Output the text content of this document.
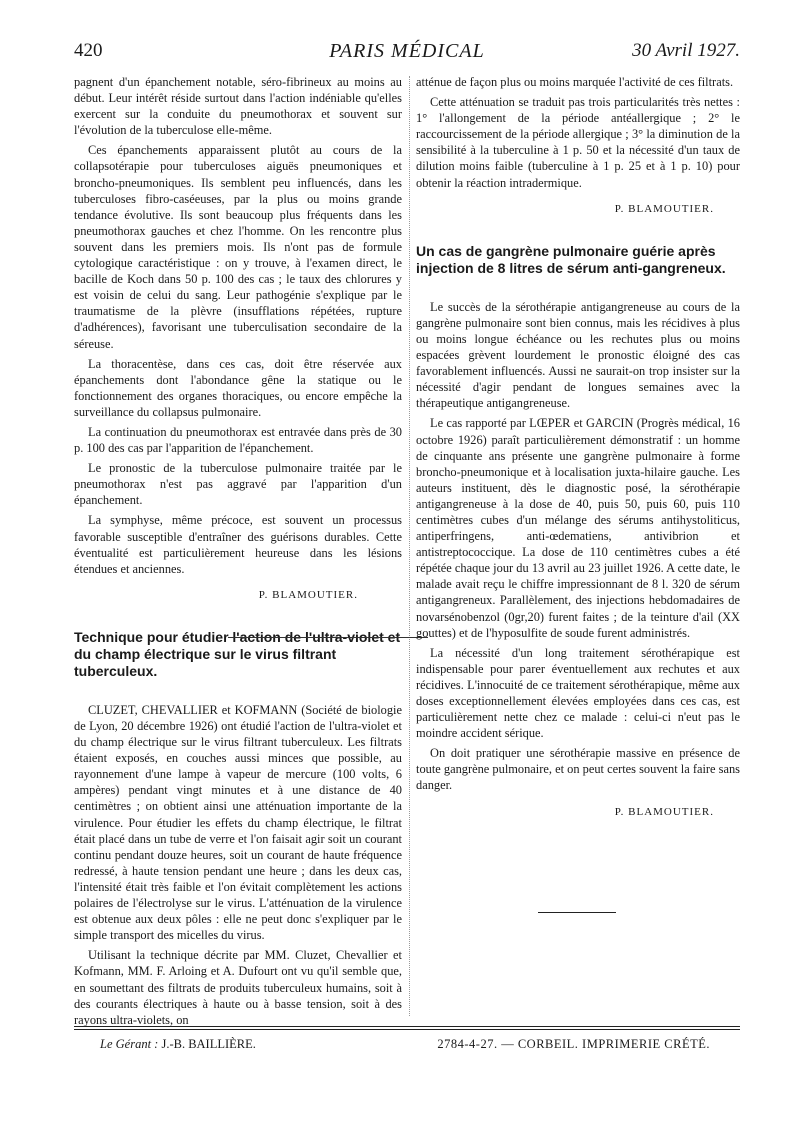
420	PARIS MÉDICAL	30 Avril 1927.

pagnent d'un épanchement notable, séro-fibrineux au moins au début. Leur intérêt réside surtout dans l'action indéniable qu'elles exercent sur la conduite du pneumothorax et souvent sur l'évolution de la tuberculose elle-même.

Ces épanchements apparaissent plutôt au cours de la collapsotérapie pour tuberculoses aiguës pneumoniques et broncho-pneumoniques. Ils semblent peu influencés, dans les tuberculoses fibro-caséeuses, par la plus ou moins grande tendance évolutive. Ils sont beaucoup plus fréquents dans les pneumothorax gauches et chez l'homme. On les rencontre plus souvent dans les premiers mois. Ils n'ont pas de formule cytologique caractéristique : on y trouve, à l'examen direct, le bacille de Koch dans 50 p. 100 des cas ; le taux des chlorures y est voisin de celui du sang. Leur pathogénie s'explique par le traumatisme de la plèvre (insufflations répétées, rupture d'adhérences), favorisant une tuberculisation secondaire de la séreuse.

La thoracentèse, dans ces cas, doit être réservée aux épanchements dont l'abondance gêne la statique ou le fonctionnement des organes thoraciques, ou encore empêche la surveillance du collapsus pulmonaire.

La continuation du pneumothorax est entravée dans près de 30 p. 100 des cas par l'apparition de l'épanchement.

Le pronostic de la tuberculose pulmonaire traitée par le pneumothorax n'est pas aggravé par l'apparition d'un épanchement.

La symphyse, même précoce, est souvent un processus favorable susceptible d'entraîner des guérisons durables. Cette éventualité est particulièrement heureuse dans les lésions étendues et anciennes.

P. BLAMOUTIER.
Technique pour étudier l'action de l'ultra-violet et du champ électrique sur le virus filtrant tuberculeux.

CLUZET, CHEVALLIER et KOFMANN (Société de biologie de Lyon, 20 décembre 1926) ont étudié l'action de l'ultra-violet et du champ électrique sur le virus filtrant tuberculeux. Les filtrats étaient exposés, en couches aussi minces que possible, au rayonnement d'une lampe à vapeur de mercure (100 volts, 6 ampères) pendant vingt minutes et à une distance de 40 centimètres ; on obtient ainsi une atténuation importante de la virulence. Pour étudier les effets du champ électrique, le filtrat était placé dans un tube de verre et l'on faisait agir soit un courant continu pendant douze heures, soit un courant de haute fréquence redressé, à haute tension pendant une heure ; dans les deux cas, l'intensité était très faible et l'on évitait complètement les actions polaires de l'électrolyse sur le virus. L'atténuation de la virulence est obtenue aux deux pôles : elle ne peut donc s'expliquer par le simple transport des micelles du virus.

Utilisant la technique décrite par MM. Cluzet, Chevallier et Kofmann, MM. F. Arloing et A. Dufourt ont vu qu'il semble que, en soumettant des filtrats de produits tuberculeux humains, soit à des courants électriques à haute ou à basse tension, soit à des rayons ultra-violets, on

atténue de façon plus ou moins marquée l'activité de ces filtrats.

Cette atténuation se traduit pas trois particularités très nettes : 1° l'allongement de la période antéallergique ; 2° le raccourcissement de la période allergique ; 3° la diminution de la sensibilité à la tuberculine à 1 p. 50 et la nécessité d'un taux de dilution moins faible (tuberculine à 1 p. 25 et à 1 p. 10) pour obtenir la réaction intradermique.

P. BLAMOUTIER.
Un cas de gangrène pulmonaire guérie après injection de 8 litres de sérum anti-gangreneux.

Le succès de la sérothérapie antigangreneuse au cours de la gangrène pulmonaire sont bien connus, mais les récidives à plus ou moins longue échéance ou les rechutes plus ou moins espacées grèvent lourdement le pronostic éloigné des cas favorablement influencés. Aussi ne saurait-on trop insister sur la nécessité d'agir pendant de longues semaines avec la thérapeutique antigangreneuse.

Le cas rapporté par LŒPER et GARCIN (Progrès médical, 16 octobre 1926) paraît particulièrement démonstratif : un homme de cinquante ans présente une gangrène pulmonaire à forme broncho-pneumonique et à localisation juxta-hilaire gauche. Les auteurs instituent, dès le diagnostic posé, la sérothérapie antigangreneuse à la dose de 40, puis 50, puis 60, puis 110 centimètres cubes d'un mélange des sérums antihystoliticus, antiperfringens, anti-œdematiens, antivibrion et antistreptococcique. La dose de 110 centimètres cubes a été répétée chaque jour du 13 avril au 23 juillet 1926. A cette date, le malade avait reçu le chiffre impressionnant de 8 l. 320 de sérum antigangreneux. Parallèlement, des injections hebdomadaires de novarsénobenzol (0gr,20) furent faites ; de la teinture d'ail (XX gouttes) et de l'hyposulfite de soude furent administrés.

La nécessité d'un long traitement sérothérapique est indispensable pour parer éventuellement aux rechutes et aux récidives. L'innocuité de ce traitement sérothérapique, même aux doses exceptionnellement élevées employées dans ces cas, est particulièrement nette chez ce malade : celui-ci n'eut pas le moindre accident sérique.

On doit pratiquer une sérothérapie massive en présence de toute gangrène pulmonaire, et on peut certes souvent la faire sans danger.

P. BLAMOUTIER.
Le Gérant : J.-B. BAILLIÈRE.	2784-4-27. — CORBEIL. IMPRIMERIE CRÉTÉ.
